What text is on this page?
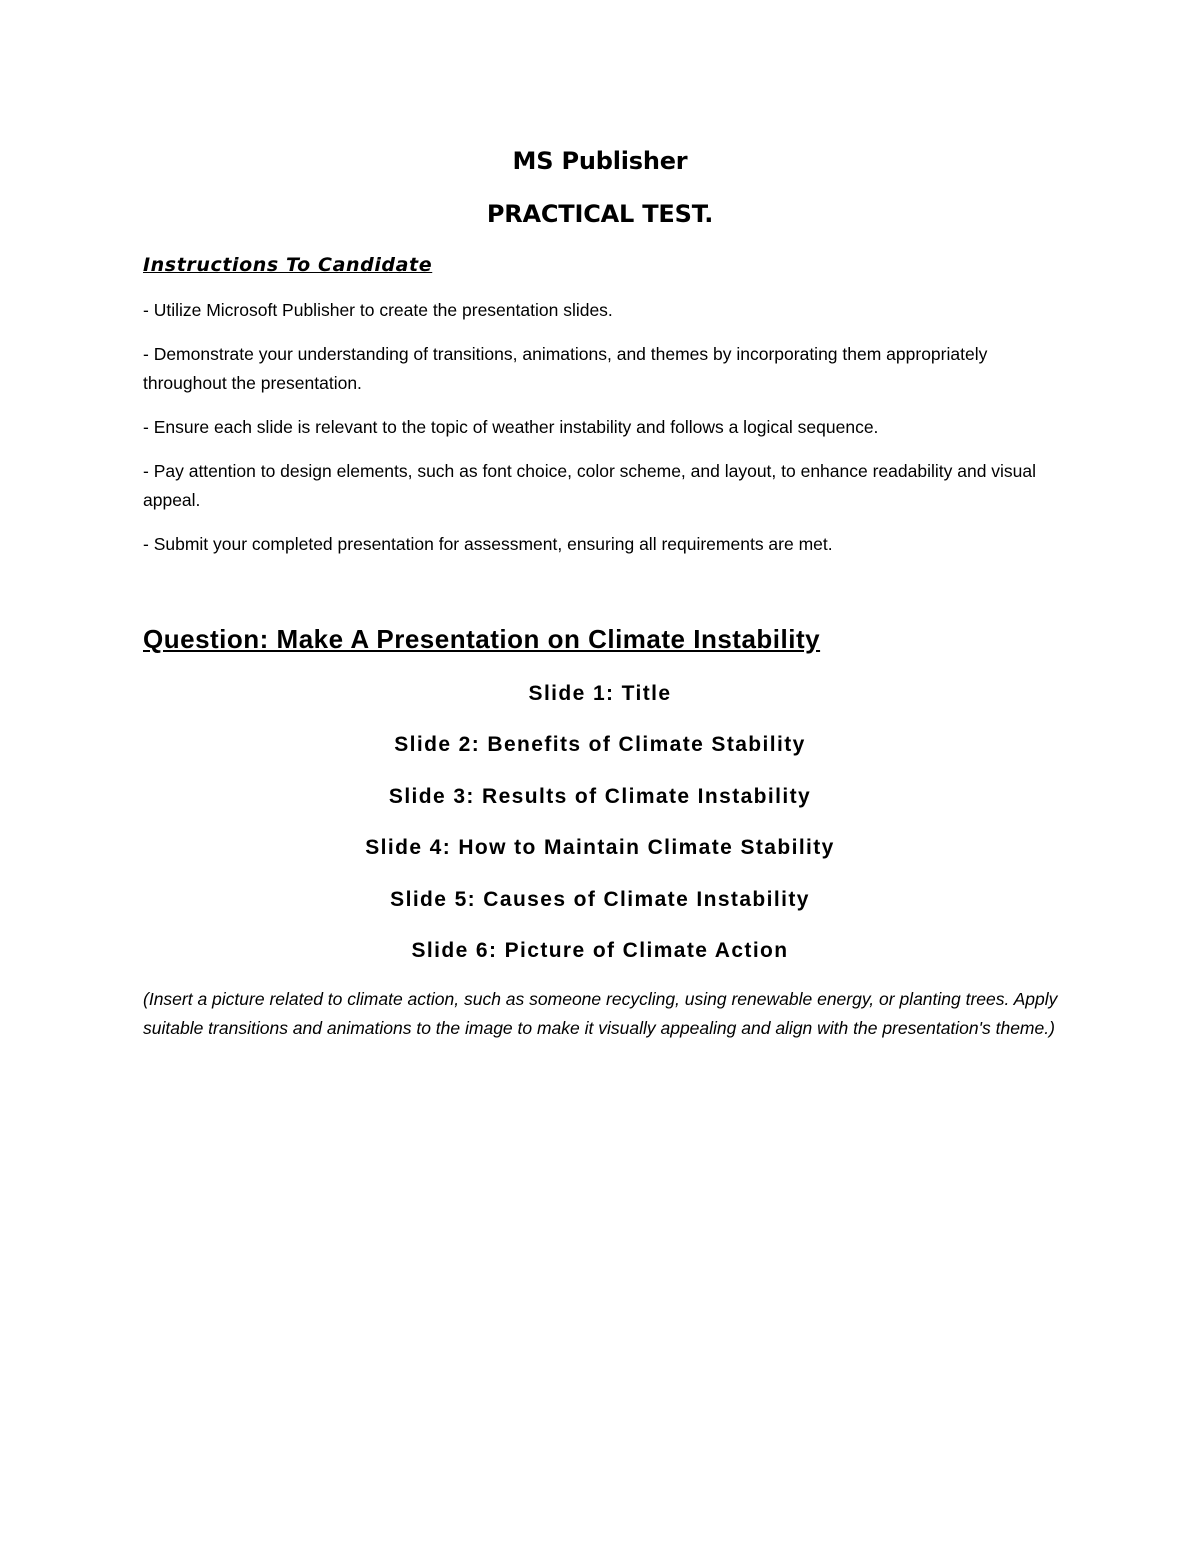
MS Publisher
PRACTICAL TEST.
Instructions To Candidate
- Utilize Microsoft Publisher to create the presentation slides.
- Demonstrate your understanding of transitions, animations, and themes by incorporating them appropriately throughout the presentation.
- Ensure each slide is relevant to the topic of weather instability and follows a logical sequence.
- Pay attention to design elements, such as font choice, color scheme, and layout, to enhance readability and visual appeal.
- Submit your completed presentation for assessment, ensuring all requirements are met.
Question: Make A Presentation on Climate Instability
Slide 1: Title
Slide 2: Benefits of Climate Stability
Slide 3: Results of Climate Instability
Slide 4: How to Maintain Climate Stability
Slide 5: Causes of Climate Instability
Slide 6: Picture of Climate Action

(Insert a picture related to climate action, such as someone recycling, using renewable energy, or planting trees. Apply suitable transitions and animations to the image to make it visually appealing and align with the presentation's theme.)
